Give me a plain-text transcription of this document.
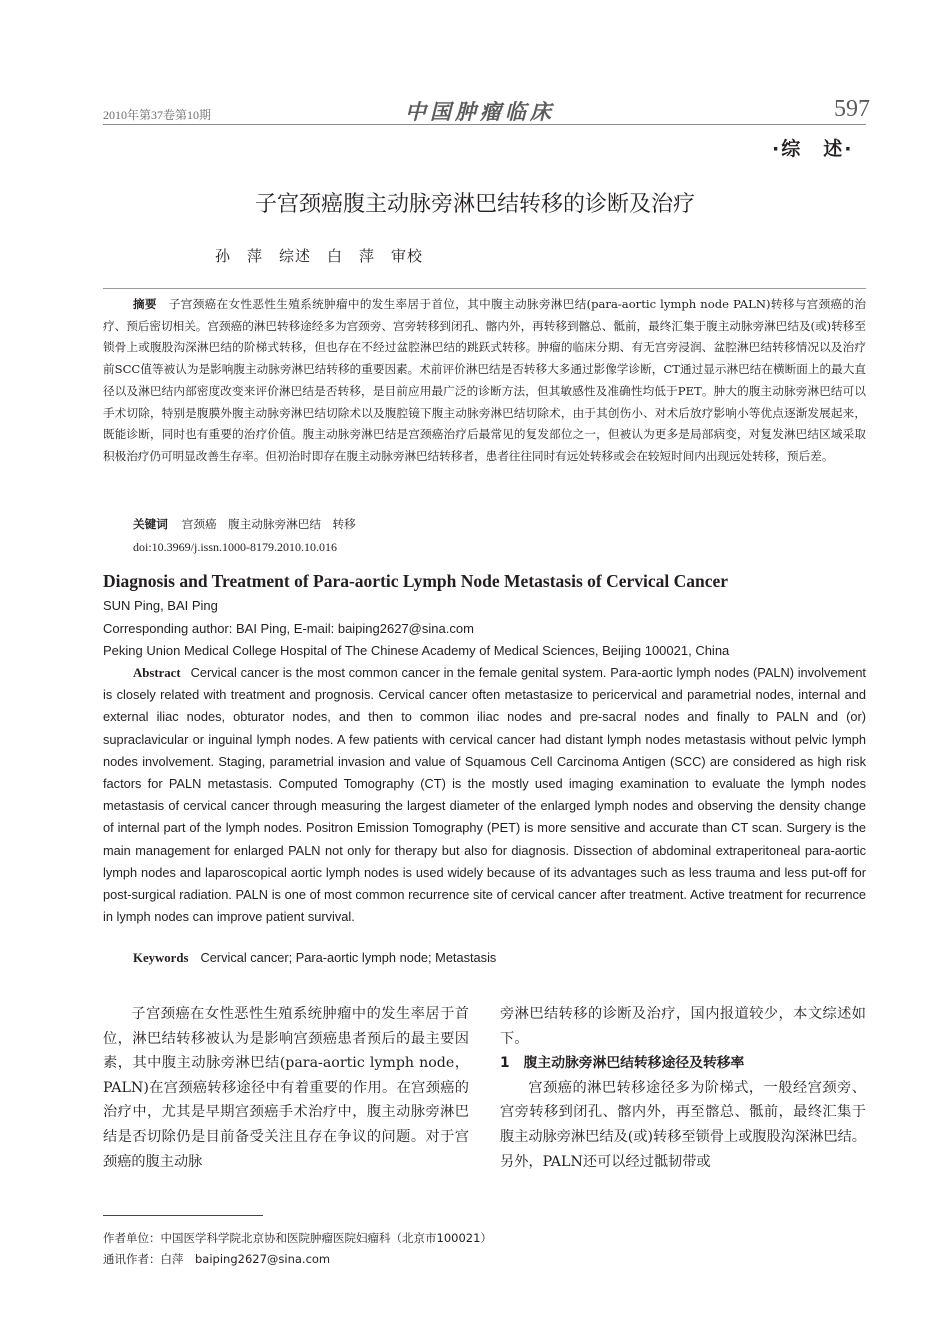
2010年第37卷第10期	中国肿瘤临床	597
·综　述·
子宫颈癌腹主动脉旁淋巴结转移的诊断及治疗
孙　萍　综述　白　萍　审校
摘要 子宫颈癌在女性恶性生殖系统肿瘤中的发生率居于首位，其中腹主动脉旁淋巴结(para-aortic lymph node PALN)转移与宫颈癌的治疗、预后密切相关。宫颈癌的淋巴转移途经多为宫颈旁、宫旁转移到闭孔、髂内外，再转移到髂总、骶前，最终汇集于腹主动脉旁淋巴结及(或)转移至锁骨上或腹股沟深淋巴结的阶梯式转移，但也存在不经过盆腔淋巴结的跳跃式转移。肿瘤的临床分期、有无宫旁浸润、盆腔淋巴结转移情况以及治疗前SCC值等被认为是影响腹主动脉旁淋巴结转移的重要因素。术前评价淋巴结是否转移大多通过影像学诊断，CT通过显示淋巴结在横断面上的最大直径以及淋巴结内部密度改变来评价淋巴结是否转移，是目前应用最广泛的诊断方法，但其敏感性及准确性均低于PET。肿大的腹主动脉旁淋巴结可以手术切除，特别是腹膜外腹主动脉旁淋巴结切除术以及腹腔镜下腹主动脉旁淋巴结切除术，由于其创伤小、对术后放疗影响小等优点逐渐发展起来，既能诊断，同时也有重要的治疗价值。腹主动脉旁淋巴结是宫颈癌治疗后最常见的复发部位之一，但被认为更多是局部病变，对复发淋巴结区域采取积极治疗仍可明显改善生存率。但初治时即存在腹主动脉旁淋巴结转移者，患者往往同时有远处转移或会在较短时间内出现远处转移，预后差。
关键词 宫颈癌　腹主动脉旁淋巴结　转移
doi:10.3969/j.issn.1000-8179.2010.10.016
Diagnosis and Treatment of Para-aortic Lymph Node Metastasis of Cervical Cancer
SUN Ping, BAI Ping
Corresponding author: BAI Ping, E-mail: baiping2627@sina.com
Peking Union Medical College Hospital of The Chinese Academy of Medical Sciences, Beijing 100021, China
Abstract Cervical cancer is the most common cancer in the female genital system. Para-aortic lymph nodes (PALN) involvement is closely related with treatment and prognosis. Cervical cancer often metastasize to pericervical and parametrial nodes, internal and external iliac nodes, obturator nodes, and then to common iliac nodes and pre-sacral nodes and finally to PALN and (or) supraclavicular or inguinal lymph nodes. A few patients with cervical cancer had distant lymph nodes metastasis without pelvic lymph nodes involvement. Staging, parametrial invasion and value of Squamous Cell Carcinoma Antigen (SCC) are considered as high risk factors for PALN metastasis. Computed Tomography (CT) is the mostly used imaging examination to evaluate the lymph nodes metastasis of cervical cancer through measuring the largest diameter of the enlarged lymph nodes and observing the density change of internal part of the lymph nodes. Positron Emission Tomography (PET) is more sensitive and accurate than CT scan. Surgery is the main management for enlarged PALN not only for therapy but also for diagnosis. Dissection of abdominal extraperitoneal para-aortic lymph nodes and laparoscopical aortic lymph nodes is used widely because of its advantages such as less trauma and less put-off for post-surgical radiation. PALN is one of most common recurrence site of cervical cancer after treatment. Active treatment for recurrence in lymph nodes can improve patient survival.
Keywords Cervical cancer; Para-aortic lymph node; Metastasis

子宫颈癌在女性恶性生殖系统肿瘤中的发生率居于首位，淋巴结转移被认为是影响宫颈癌患者预后的最主要因素，其中腹主动脉旁淋巴结(para-aortic lymph node，PALN)在宫颈癌转移途径中有着重要的作用。在宫颈癌的治疗中，尤其是早期宫颈癌手术治疗中，腹主动脉旁淋巴结是否切除仍是目前备受关注且存在争议的问题。对于宫颈癌的腹主动脉

旁淋巴结转移的诊断及治疗，国内报道较少，本文综述如下。

1 腹主动脉旁淋巴结转移途径及转移率

宫颈癌的淋巴转移途径多为阶梯式，一般经宫颈旁、宫旁转移到闭孔、髂内外，再至髂总、骶前，最终汇集于腹主动脉旁淋巴结及(或)转移至锁骨上或腹股沟深淋巴结。另外，PALN还可以经过骶韧带或

作者单位：中国医学科学院北京协和医院肿瘤医院妇瘤科（北京市100021）
通讯作者：白萍　baiping2627@sina.com
